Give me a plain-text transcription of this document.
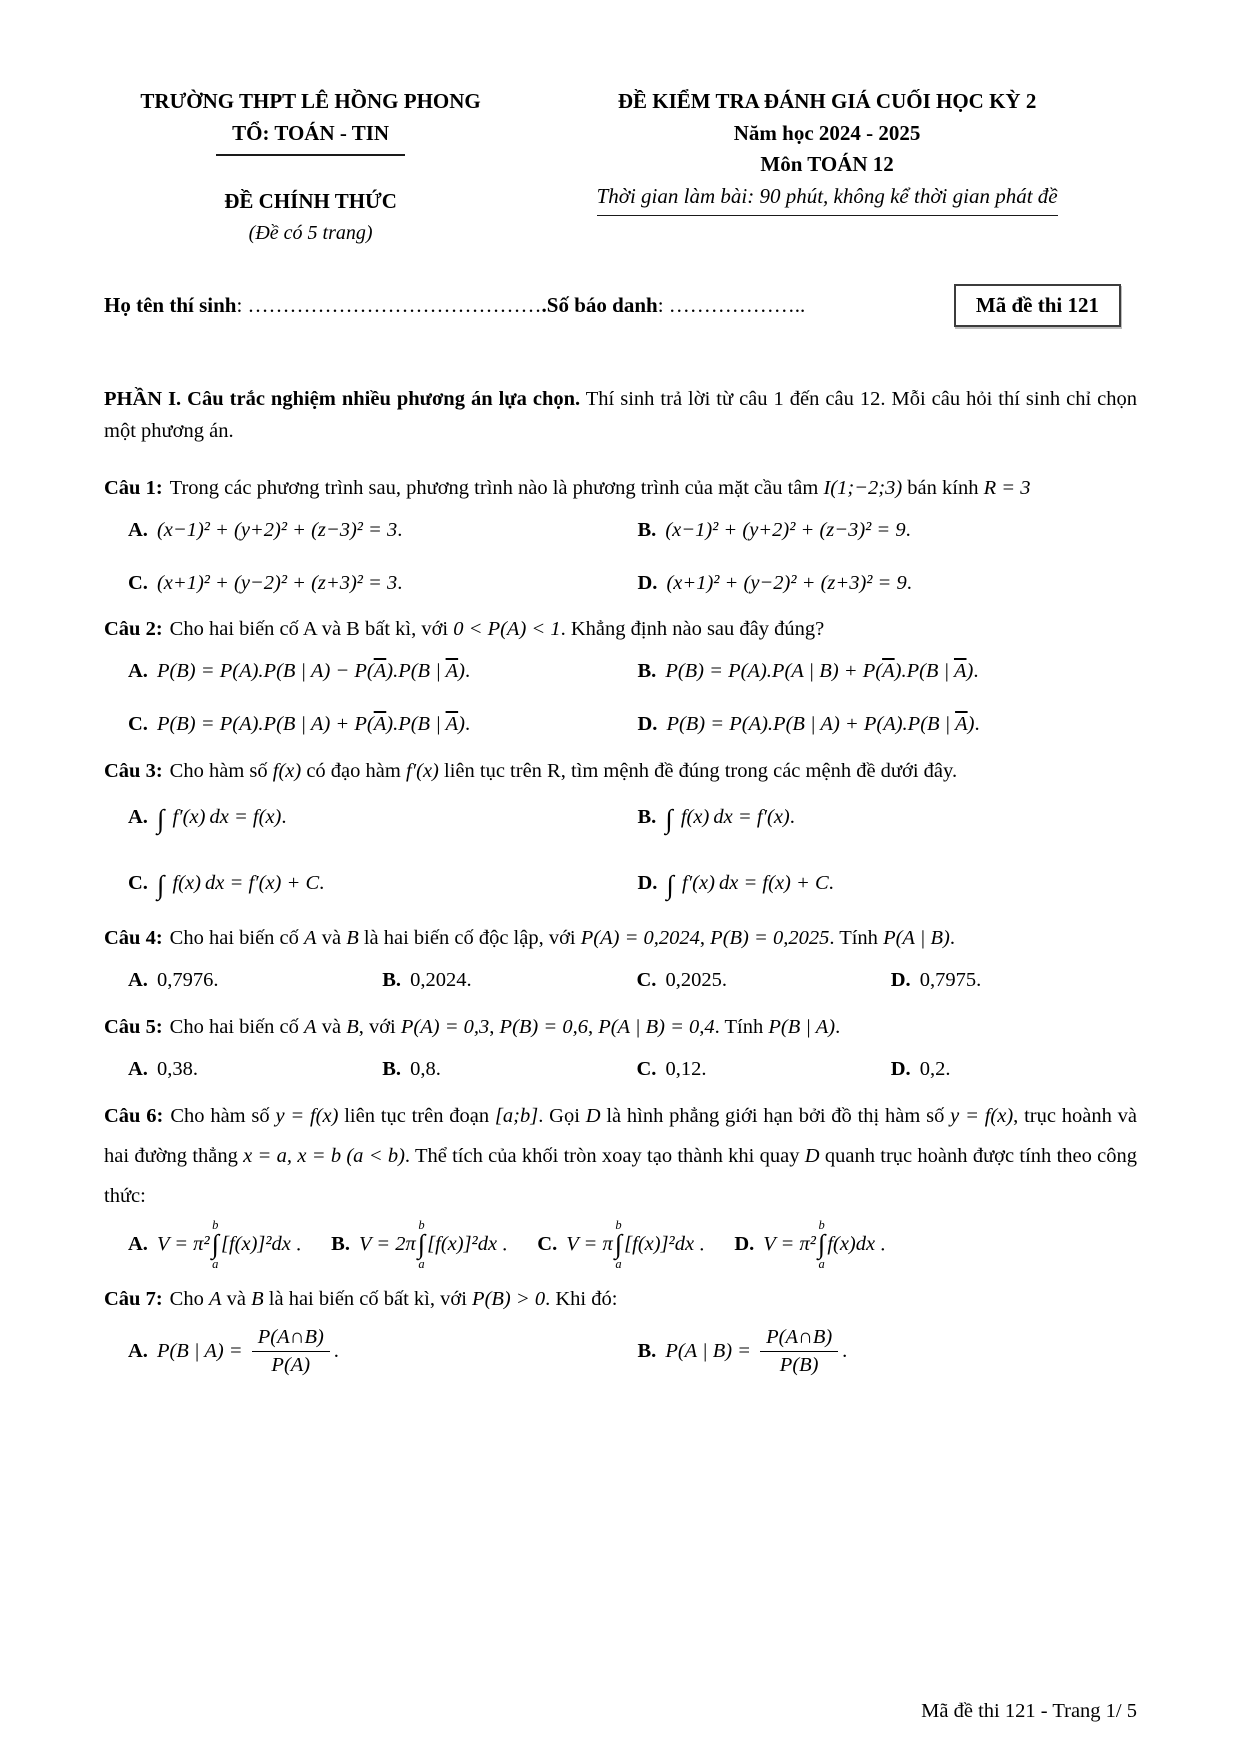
TRƯỜNG THPT LÊ HỒNG PHONG
TỔ: TOÁN - TIN
ĐỀ CHÍNH THỨC
(Đề có 5 trang)
ĐỀ KIỂM TRA ĐÁNH GIÁ CUỐI HỌC KỲ 2
Năm học 2024 - 2025
Môn TOÁN 12
Thời gian làm bài: 90 phút, không kể thời gian phát đề
Họ tên thí sinh: …………………………………….Số báo danh: ………………..	Mã đề thi 121

PHẦN I. Câu trắc nghiệm nhiều phương án lựa chọn. Thí sinh trả lời từ câu 1 đến câu 12. Mỗi câu hỏi thí sinh chỉ chọn một phương án.

Câu 1: Trong các phương trình sau, phương trình nào là phương trình của mặt cầu tâm I(1;−2;3) bán kính R = 3

A. (x−1)² + (y+2)² + (z−3)² = 3.	B. (x−1)² + (y+2)² + (z−3)² = 9.
C. (x+1)² + (y−2)² + (z+3)² = 3.	D. (x+1)² + (y−2)² + (z+3)² = 9.

Câu 2: Cho hai biến cố A và B bất kì, với 0 < P(A) < 1. Khẳng định nào sau đây đúng?

A. P(B) = P(A).P(B | $A) - P(\overline{A}).P(B$ | $\overline{A}$).	B. P(B) = P(A).P(A | $B) + P(\overline{A}).P(B$ | $\overline{A}$).
C. P(B) = P(A).P(B | $A) + P(\overline{A}).P(B$ | $\overline{A}$).	D. P(B) = P(A).P(B | A) + P(A).P(B | $\overline{A}$).

Câu 3: Cho hàm số f(x) có đạo hàm f′(x) liên tục trên R, tìm mệnh đề đúng trong các mệnh đề dưới đây.

A. ∫ f′(x) dx = f(x).	B. ∫ f(x) dx = f′(x).
C. ∫ f(x) dx = f′(x) + C.	D. ∫ f′(x) dx = f(x) + C.

Câu 4: Cho hai biến cố A và B là hai biến cố độc lập, với P(A) = 0,2024, P(B) = 0,2025. Tính P(A | B).

A. 0,7976.	B. 0,2024.	C. 0,2025.	D. 0,7975.

Câu 5: Cho hai biến cố A và B, với P(A) = 0,3, P(B) = 0,6, P(A | B) = 0,4. Tính P(B | A).

A. 0,38.	B. 0,8.	C. 0,12.	D. 0,2.

Câu 6: Cho hàm số y = f(x) liên tục trên đoạn [a;b]. Gọi D là hình phẳng giới hạn bởi đồ thị hàm số y = f(x), trục hoành và hai đường thẳng x = a, x = b (a < b). Thể tích của khối tròn xoay tạo thành khi quay D quanh trục hoành được tính theo công thức:

A. V = π²
b
∫
a
[f(x)]²dx . B. V = 2π
b
∫
a
[f(x)]²dx . C. V = π
b
∫
a
[f(x)]²dx . D. V = π²
b
∫
a
f(x)dx .

Câu 7: Cho A và B là hai biến cố bất kì, với P(B) > 0. Khi đó:

A. P(B | $A) = \frac{P(A\cap B)}{P(A)}$ .	B. P(A | $B) = \frac{P(A\cap B)}{P(B)}$ .
Mã đề thi 121 - Trang 1/ 5
